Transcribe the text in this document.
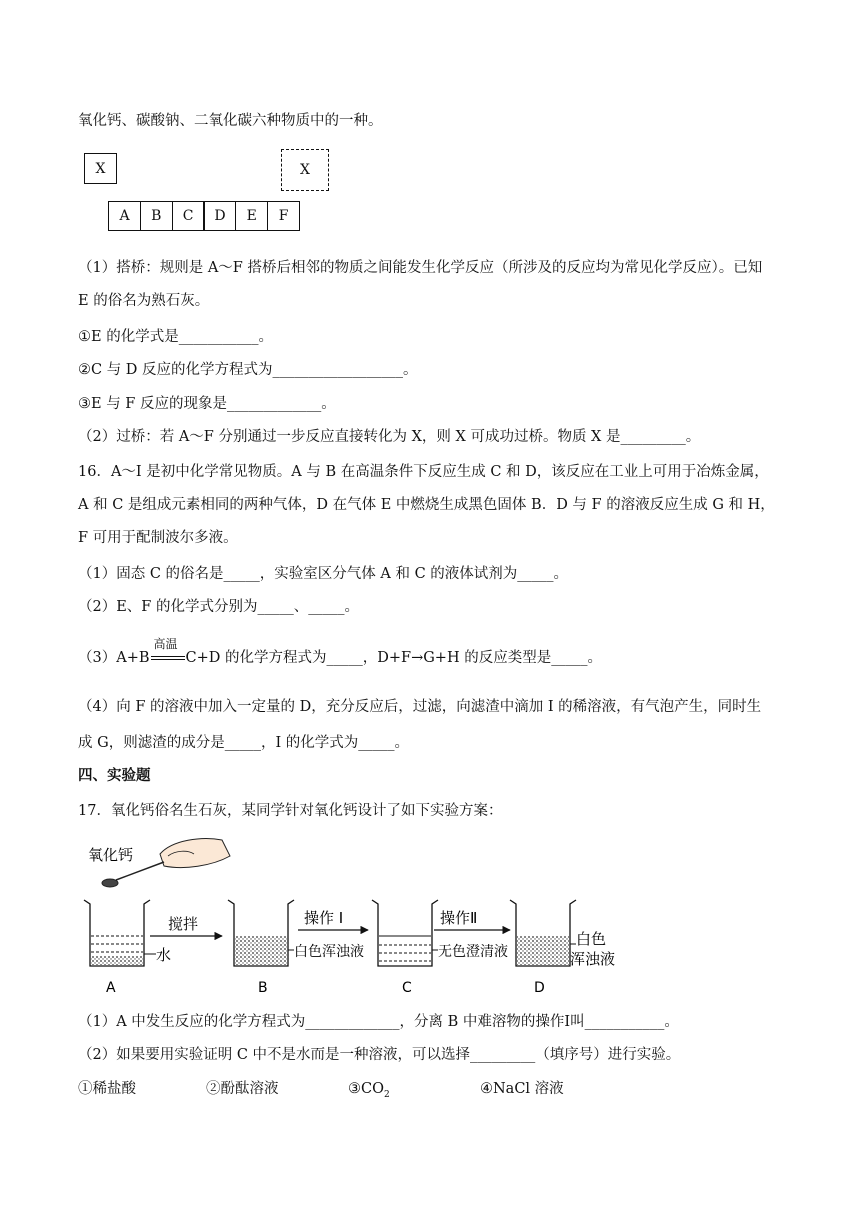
氧化钙、碳酸钠、二氧化碳六种物质中的一种。
X	X
A	B	C	D	E	F
（1）搭桥：规则是 A～F 搭桥后相邻的物质之间能发生化学反应（所涉及的反应均为常见化学反应）。已知
E 的俗名为熟石灰。
①E 的化学式是___________。
②C 与 D 反应的化学方程式为__________________。
③E 与 F 反应的现象是_____________。
（2）过桥：若 A～F 分别通过一步反应直接转化为 X，则 X 可成功过桥。物质 X 是_________。
16．A～I 是初中化学常见物质。A 与 B 在高温条件下反应生成 C 和 D，该反应在工业上可用于冶炼金属，
A 和 C 是组成元素相同的两种气体，D 在气体 E 中燃烧生成黑色固体 B．D 与 F 的溶液反应生成 G 和 H，
F 可用于配制波尔多液。
（1）固态 C 的俗名是_____，实验室区分气体 A 和 C 的液体试剂为_____。
（2）E、F 的化学式分别为_____、_____。
（3）A+B
高温
C+D 的化学方程式为_____，D+F→G+H 的反应类型是_____。
（4）向 F 的溶液中加入一定量的 D，充分反应后，过滤，向滤渣中滴加 I 的稀溶液，有气泡产生，同时生
成 G，则滤渣的成分是_____，I 的化学式为_____。
四、实验题
17．氧化钙俗名生石灰，某同学针对氧化钙设计了如下实验方案：
氧化钙
水
搅拌
白色浑浊液
操作 I
无色澄清液
操作Ⅱ
白色
浑浊液
A	B	C	D
（1）A 中发生反应的化学方程式为_____________，分离 B 中难溶物的操作I叫___________。
（2）如果要用实验证明 C 中不是水而是一种溶液，可以选择_________（填序号）进行实验。
①稀盐酸	②酚酞溶液	$③CO_2$	④NaCl 溶液
